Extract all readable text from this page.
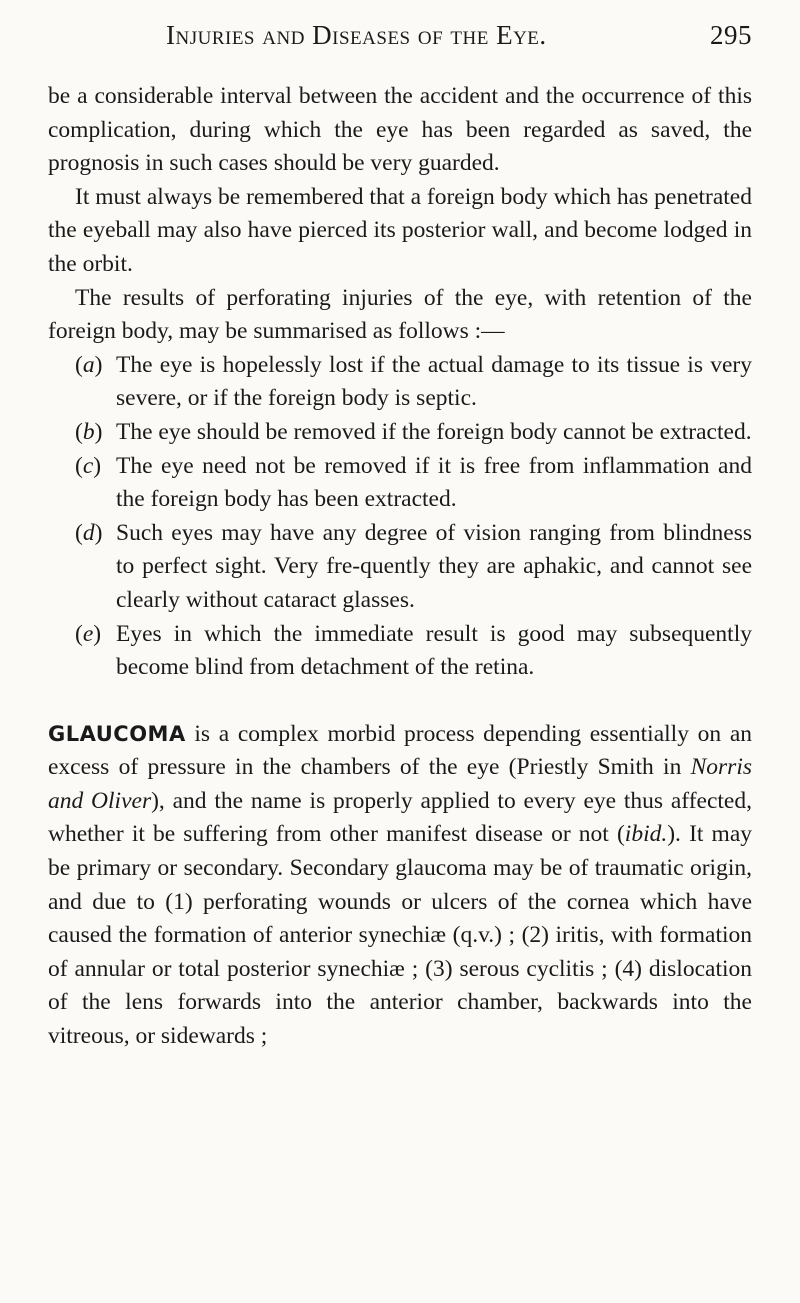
Injuries and Diseases of the Eye.	295

be a considerable interval between the accident and the occurrence of this complication, during which the eye has been regarded as saved, the prognosis in such cases should be very guarded.

It must always be remembered that a foreign body which has penetrated the eyeball may also have pierced its posterior wall, and become lodged in the orbit.

The results of perforating injuries of the eye, with retention of the foreign body, may be summarised as follows :—

(a) The eye is hopelessly lost if the actual damage to its tissue is very severe, or if the foreign body is septic.
(b) The eye should be removed if the foreign body cannot be extracted.
(c) The eye need not be removed if it is free from inflammation and the foreign body has been extracted.
(d) Such eyes may have any degree of vision ranging from blindness to perfect sight. Very fre-quently they are aphakic, and cannot see clearly without cataract glasses.
(e) Eyes in which the immediate result is good may subsequently become blind from detachment of the retina.

GLAUCOMA is a complex morbid process depending essentially on an excess of pressure in the chambers of the eye (Priestly Smith in Norris and Oliver), and the name is properly applied to every eye thus affected, whether it be suffering from other manifest disease or not (ibid.). It may be primary or secondary. Secondary glaucoma may be of traumatic origin, and due to (1) perforating wounds or ulcers of the cornea which have caused the formation of anterior synechiæ (q.v.) ; (2) iritis, with formation of annular or total posterior synechiæ ; (3) serous cyclitis ; (4) dislocation of the lens forwards into the anterior chamber, backwards into the vitreous, or sidewards ;
